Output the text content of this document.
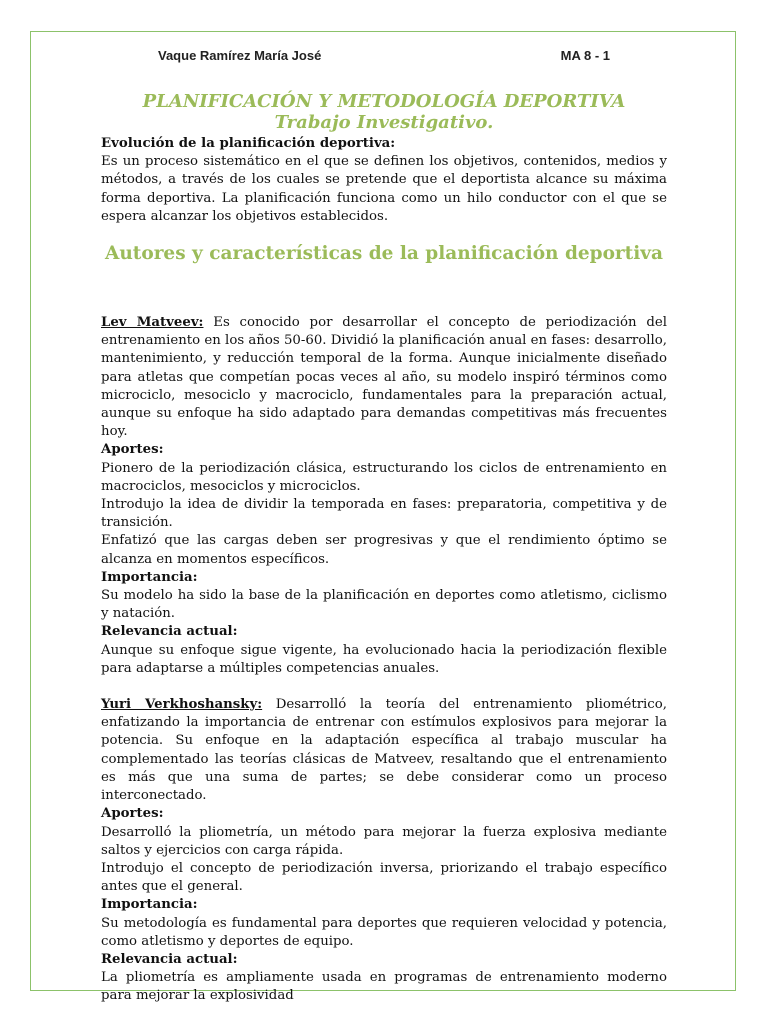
Vaque Ramírez María José	MA 8 - 1
PLANIFICACIÓN Y METODOLOGÍA DEPORTIVA
Trabajo Investigativo.
Evolución de la planificación deportiva:

Es un proceso sistemático en el que se definen los objetivos, contenidos, medios y métodos, a través de los cuales se pretende que el deportista alcance su máxima forma deportiva. La planificación funciona como un hilo conductor con el que se espera alcanzar los objetivos establecidos.

Autores y características de la planificación deportiva

Lev Matveev: Es conocido por desarrollar el concepto de periodización del entrenamiento en los años 50-60. Dividió la planificación anual en fases: desarrollo, mantenimiento, y reducción temporal de la forma. Aunque inicialmente diseñado para atletas que competían pocas veces al año, su modelo inspiró términos como microciclo, mesociclo y macrociclo, fundamentales para la preparación actual, aunque su enfoque ha sido adaptado para demandas competitivas más frecuentes hoy.

Aportes:

Pionero de la periodización clásica, estructurando los ciclos de entrenamiento en macrociclos, mesociclos y microciclos.

Introdujo la idea de dividir la temporada en fases: preparatoria, competitiva y de transición.

Enfatizó que las cargas deben ser progresivas y que el rendimiento óptimo se alcanza en momentos específicos.

Importancia:

Su modelo ha sido la base de la planificación en deportes como atletismo, ciclismo y natación.

Relevancia actual:

Aunque su enfoque sigue vigente, ha evolucionado hacia la periodización flexible para adaptarse a múltiples competencias anuales.

Yuri Verkhoshansky: Desarrolló la teoría del entrenamiento pliométrico, enfatizando la importancia de entrenar con estímulos explosivos para mejorar la potencia. Su enfoque en la adaptación específica al trabajo muscular ha complementado las teorías clásicas de Matveev, resaltando que el entrenamiento es más que una suma de partes; se debe considerar como un proceso interconectado.

Aportes:

Desarrolló la pliometría, un método para mejorar la fuerza explosiva mediante saltos y ejercicios con carga rápida.

Introdujo el concepto de periodización inversa, priorizando el trabajo específico antes que el general.

Importancia:

Su metodología es fundamental para deportes que requieren velocidad y potencia, como atletismo y deportes de equipo.

Relevancia actual:

La pliometría es ampliamente usada en programas de entrenamiento moderno para mejorar la explosividad
